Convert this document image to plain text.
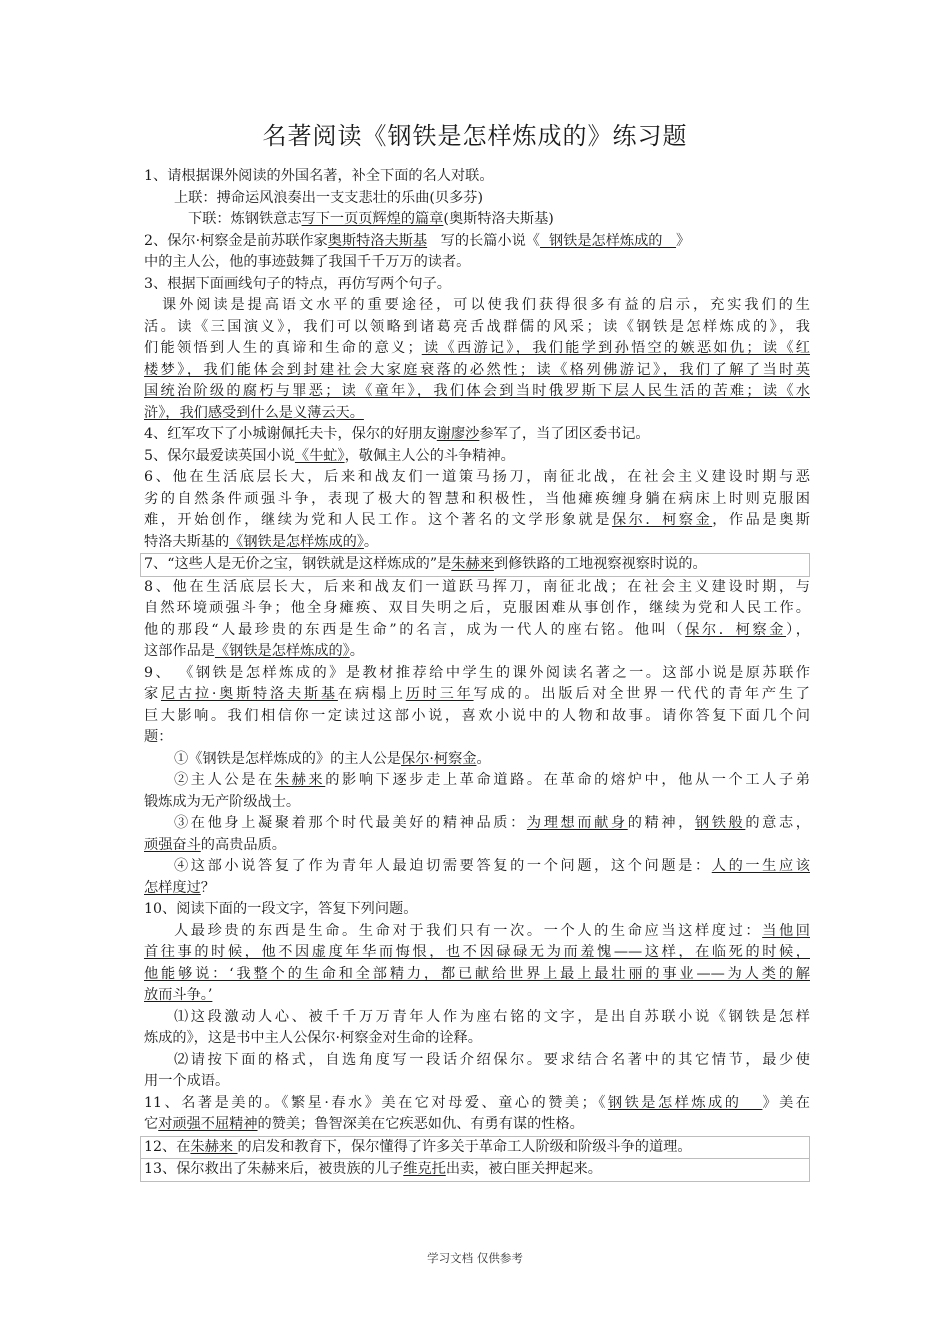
名著阅读《钢铁是怎样炼成的》练习题
1、请根据课外阅读的外国名著，补全下面的名人对联。
上联：搏命运风浪奏出一支支悲壮的乐曲(贝多芬)
下联：炼钢铁意志写下一页页辉煌的篇章(奥斯特洛夫斯基)
2、保尔·柯察金是前苏联作家奥斯特洛夫斯基   写的长篇小说《  钢铁是怎样炼成的   》
中的主人公，他的事迹鼓舞了我国千千万万的读者。
3、根据下面画线句子的特点，再仿写两个句子。
课外阅读是提高语文水平的重要途径，可以使我们获得很多有益的启示，充实我们的生
活。读《三国演义》，我们可以领略到诸葛亮舌战群儒的风采；读《钢铁是怎样炼成的》，我
们能领悟到人生的真谛和生命的意义；读《西游记》，我们能学到孙悟空的嫉恶如仇；读《红
楼梦》，我们能体会到封建社会大家庭衰落的必然性；读《格列佛游记》，我们了解了当时英
国统治阶级的腐朽与罪恶；读《童年》，我们体会到当时俄罗斯下层人民生活的苦难；读《水
浒》，我们感受到什么是义薄云天。
4、红军攻下了小城谢佩托夫卡，保尔的好朋友谢廖沙参军了，当了团区委书记。
5、保尔最爱读英国小说《牛虻》，敬佩主人公的斗争精神。
6、他在生活底层长大，后来和战友们一道策马扬刀，南征北战，在社会主义建设时期与恶
劣的自然条件顽强斗争，表现了极大的智慧和积极性，当他瘫痪缠身躺在病床上时则克服困
难，开始创作，继续为党和人民工作。这个著名的文学形象就是保尔．柯察金，作品是奥斯
特洛夫斯基的《钢铁是怎样炼成的》。
7、“这些人是无价之宝，钢铁就是这样炼成的”是朱赫来到修铁路的工地视察视察时说的。
8、他在生活底层长大，后来和战友们一道跃马挥刀，南征北战；在社会主义建设时期，与
自然环境顽强斗争；他全身瘫痪、双目失明之后，克服困难从事创作，继续为党和人民工作。
他的那段“人最珍贵的东西是生命”的名言，成为一代人的座右铭。他叫（保尔．柯察金），
这部作品是《钢铁是怎样炼成的》。
9、 《钢铁是怎样炼成的》是教材推荐给中学生的课外阅读名著之一。这部小说是原苏联作
家尼古拉·奥斯特洛夫斯基在病榻上历时三年写成的。出版后对全世界一代代的青年产生了
巨大影响。我们相信你一定读过这部小说，喜欢小说中的人物和故事。请你答复下面几个问
题：
①《钢铁是怎样炼成的》的主人公是保尔·柯察金。
②主人公是在朱赫来的影响下逐步走上革命道路。在革命的熔炉中，他从一个工人子弟
锻炼成为无产阶级战士。
③在他身上凝聚着那个时代最美好的精神品质：为理想而献身的精神，钢铁般的意志，
顽强奋斗的高贵品质。
④这部小说答复了作为青年人最迫切需要答复的一个问题，这个问题是：人的一生应该
怎样度过？
10、阅读下面的一段文字，答复下列问题。
人最珍贵的东西是生命。生命对于我们只有一次。一个人的生命应当这样度过：当他回
首往事的时候，他不因虚度年华而悔恨，也不因碌碌无为而羞愧——这样，在临死的时候，
他能够说：‘我整个的生命和全部精力，都已献给世界上最上最壮丽的事业——为人类的解
放而斗争。’
⑴这段激动人心、被千千万万青年人作为座右铭的文字，是出自苏联小说《钢铁是怎样
炼成的》，这是书中主人公保尔·柯察金对生命的诠释。
⑵请按下面的格式，自选角度写一段话介绍保尔。要求结合名著中的其它情节，最少使
用一个成语。
11、名著是美的。《繁星·春水》美在它对母爱、童心的赞美；《钢铁是怎样炼成的   》美在
它对顽强不屈精神的赞美；鲁智深美在它疾恶如仇、有勇有谋的性格。
12、在朱赫来 的启发和教育下，保尔懂得了许多关于革命工人阶级和阶级斗争的道理。
13、保尔救出了朱赫来后，被贵族的儿子维克托出卖，被白匪关押起来。
学习文档 仅供参考
